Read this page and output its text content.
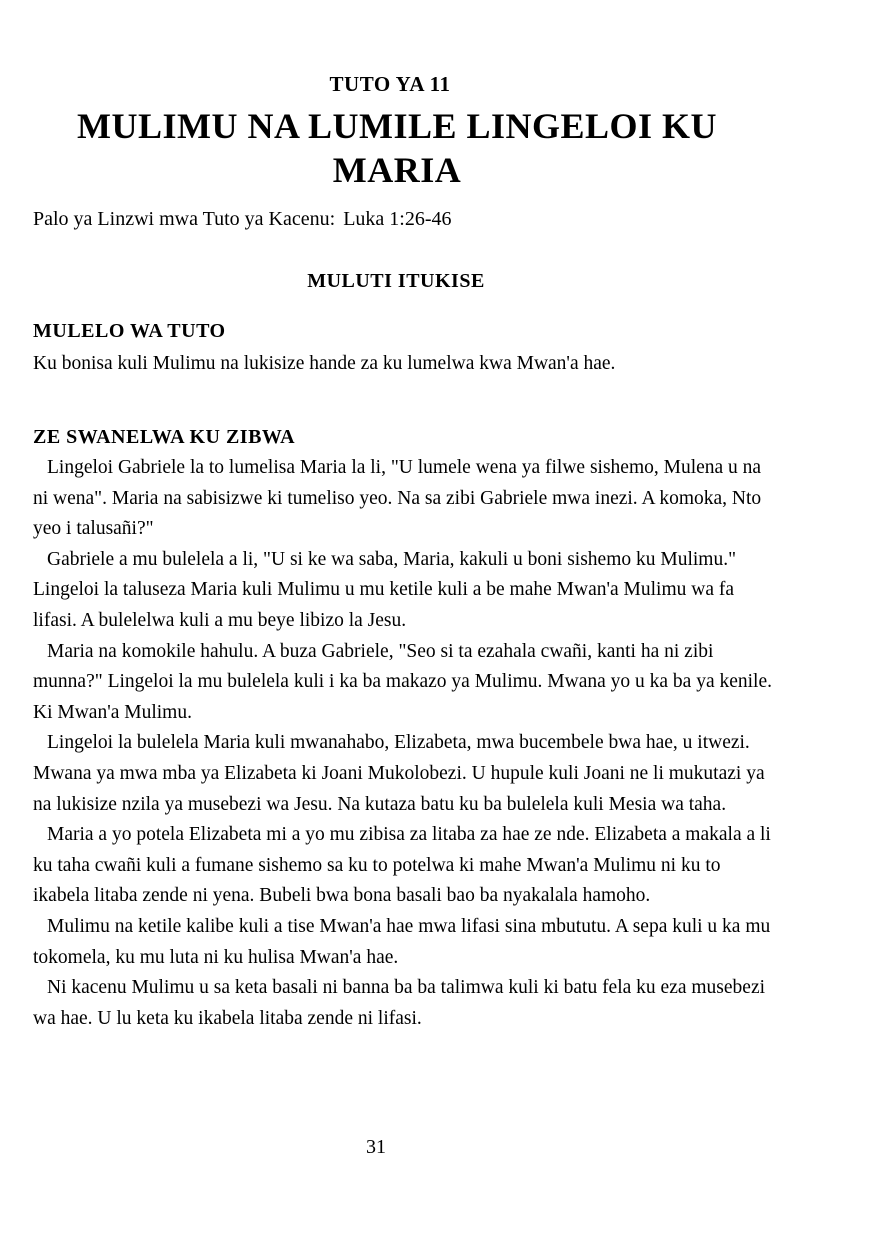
TUTO YA 11
MULIMU NA LUMILE LINGELOI KU MARIA
Palo ya Linzwi mwa Tuto ya Kacenu: Luka 1:26-46
MULUTI ITUKISE
MULELO WA TUTO
Ku bonisa kuli Mulimu na lukisize hande za ku lumelwa kwa Mwan'a hae.
ZE SWANELWA KU ZIBWA

Lingeloi Gabriele la to lumelisa Maria la li, "U lumele wena ya filwe sishemo, Mulena u na ni wena". Maria na sabisizwe ki tumeliso yeo. Na sa zibi Gabriele mwa inezi. A komoka, Nto yeo i talusañi?"

Gabriele a mu bulelela a li, "U si ke wa saba, Maria, kakuli u boni sishemo ku Mulimu." Lingeloi la taluseza Maria kuli Mulimu u mu ketile kuli a be mahe Mwan'a Mulimu wa fa lifasi. A bulelelwa kuli a mu beye libizo la Jesu.

Maria na komokile hahulu. A buza Gabriele, "Seo si ta ezahala cwañi, kanti ha ni zibi munna?" Lingeloi la mu bulelela kuli i ka ba makazo ya Mulimu. Mwana yo u ka ba ya kenile. Ki Mwan'a Mulimu.

Lingeloi la bulelela Maria kuli mwanahabo, Elizabeta, mwa bucembele bwa hae, u itwezi. Mwana ya mwa mba ya Elizabeta ki Joani Mukolobezi. U hupule kuli Joani ne li mukutazi ya na lukisize nzila ya musebezi wa Jesu. Na kutaza batu ku ba bulelela kuli Mesia wa taha.

Maria a yo potela Elizabeta mi a yo mu zibisa za litaba za hae ze nde. Elizabeta a makala a li ku taha cwañi kuli a fumane sishemo sa ku to potelwa ki mahe Mwan'a Mulimu ni ku to ikabela litaba zende ni yena. Bubeli bwa bona basali bao ba nyakalala hamoho.

Mulimu na ketile kalibe kuli a tise Mwan'a hae mwa lifasi sina mbututu. A sepa kuli u ka mu tokomela, ku mu luta ni ku hulisa Mwan'a hae.

Ni kacenu Mulimu u sa keta basali ni banna ba ba talimwa kuli ki batu fela ku eza musebezi wa hae. U lu keta ku ikabela litaba zende ni lifasi.

31
